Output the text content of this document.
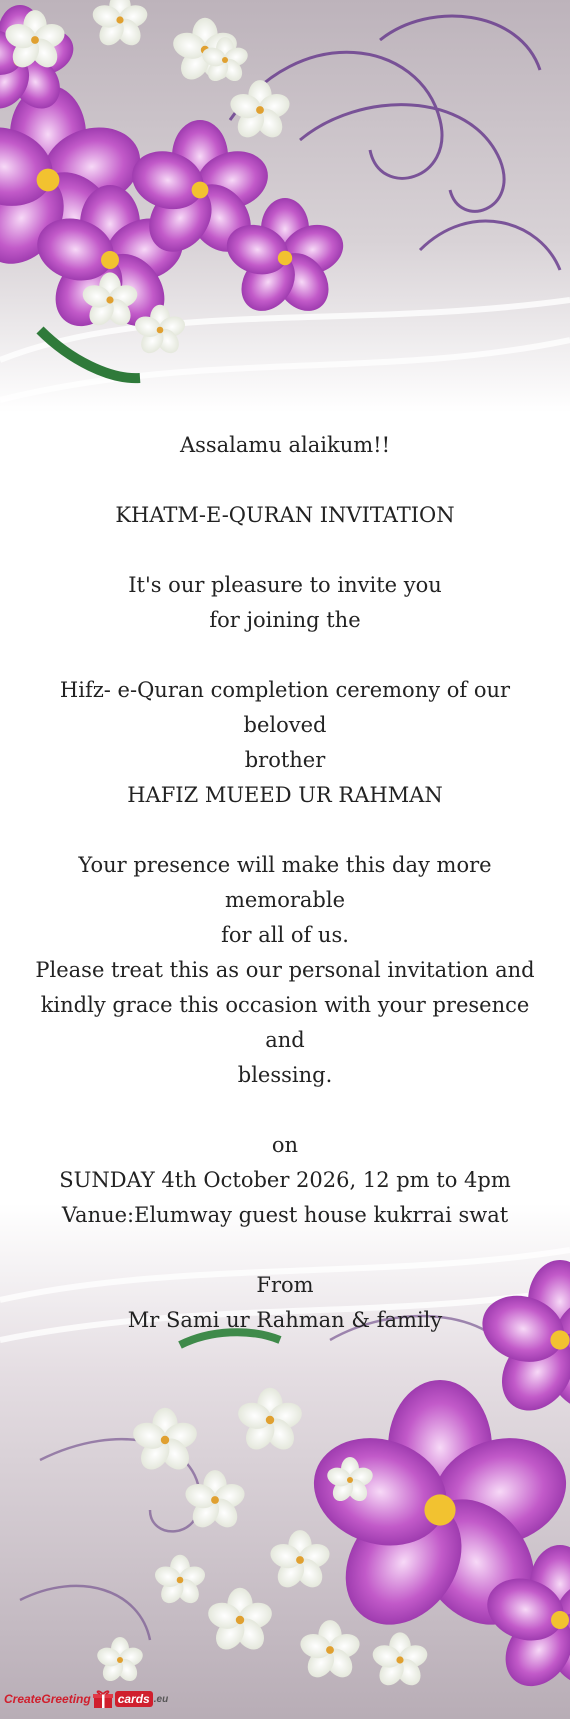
Assalamu alaikum!!

KHATM-E-QURAN INVITATION

It's our pleasure to invite you

for joining the

Hifz- e-Quran completion ceremony of our beloved

brother

HAFIZ MUEED UR RAHMAN

Your presence will make this day more memorable

for all of us.

Please treat this as our personal invitation and

kindly grace this occasion with your presence and

blessing.

on

SUNDAY 4th October 2026, 12 pm to 4pm

Vanue:Elumway guest house kukrrai swat

From

Mr Sami ur Rahman & family

CreateGreeting cards .eu
